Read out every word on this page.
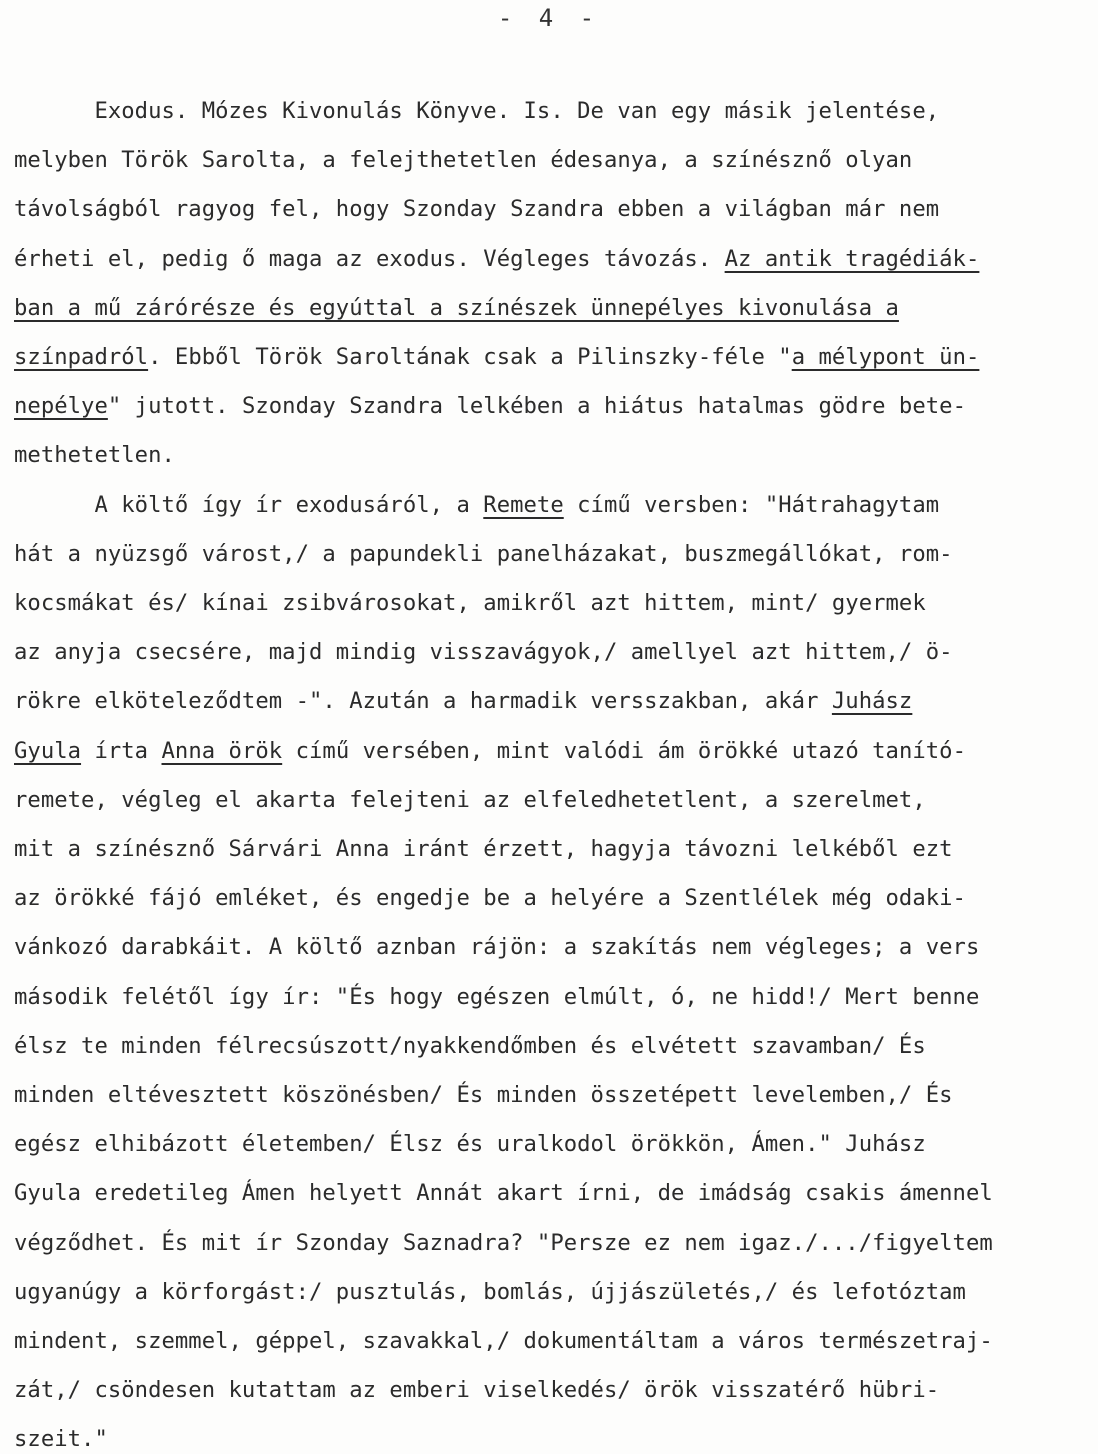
- 4 -
Exodus. Mózes Kivonulás Könyve. Is. De van egy másik jelentése,
melyben Török Sarolta, a felejthetetlen édesanya, a színésznő olyan
távolságból ragyog fel, hogy Szonday Szandra ebben a világban már nem
érheti el, pedig ő maga az exodus. Végleges távozás. Az antik tragédiák-
ban a mű zárórésze és egyúttal a színészek ünnepélyes kivonulása a
színpadról. Ebből Török Saroltának csak a Pilinszky-féle "a mélypont ün-
nepélye" jutott. Szonday Szandra lelkében a hiátus hatalmas gödre bete-
methetetlen.
A költő így ír exodusáról, a Remete című versben: "Hátrahagytam
hát a nyüzsgő várost,/ a papundekli panelházakat, buszmegállókat, rom-
kocsmákat és/ kínai zsibvárosokat, amikről azt hittem, mint/ gyermek
az anyja csecsére, majd mindig visszavágyok,/ amellyel azt hittem,/ ö-
rökre elköteleződtem -". Azután a harmadik versszakban, akár Juhász
Gyula írta Anna örök című versében, mint valódi ám örökké utazó tanító-
remete, végleg el akarta felejteni az elfeledhetetlent, a szerelmet,
mit a színésznő Sárvári Anna iránt érzett, hagyja távozni lelkéből ezt
az örökké fájó emléket, és engedje be a helyére a Szentlélek még odaki-
vánkozó darabkáit. A költő aznban rájön: a szakítás nem végleges; a vers
második felétől így ír: "És hogy egészen elmúlt, ó, ne hidd!/ Mert benne
élsz te minden félrecsúszott/nyakkendőmben és elvétett szavamban/ És
minden eltévesztett köszönésben/ És minden összetépett levelemben,/ És
egész elhibázott életemben/ Élsz és uralkodol örökkön, Ámen." Juhász
Gyula eredetileg Ámen helyett Annát akart írni, de imádság csakis ámennel
végződhet. És mit ír Szonday Saznadra? "Persze ez nem igaz./.../figyeltem
ugyanúgy a körforgást:/ pusztulás, bomlás, újjászületés,/ és lefotóztam
mindent, szemmel, géppel, szavakkal,/ dokumentáltam a város természetraj-
zát,/ csöndesen kutattam az emberi viselkedés/ örök visszatérő hübri-
szeit."
